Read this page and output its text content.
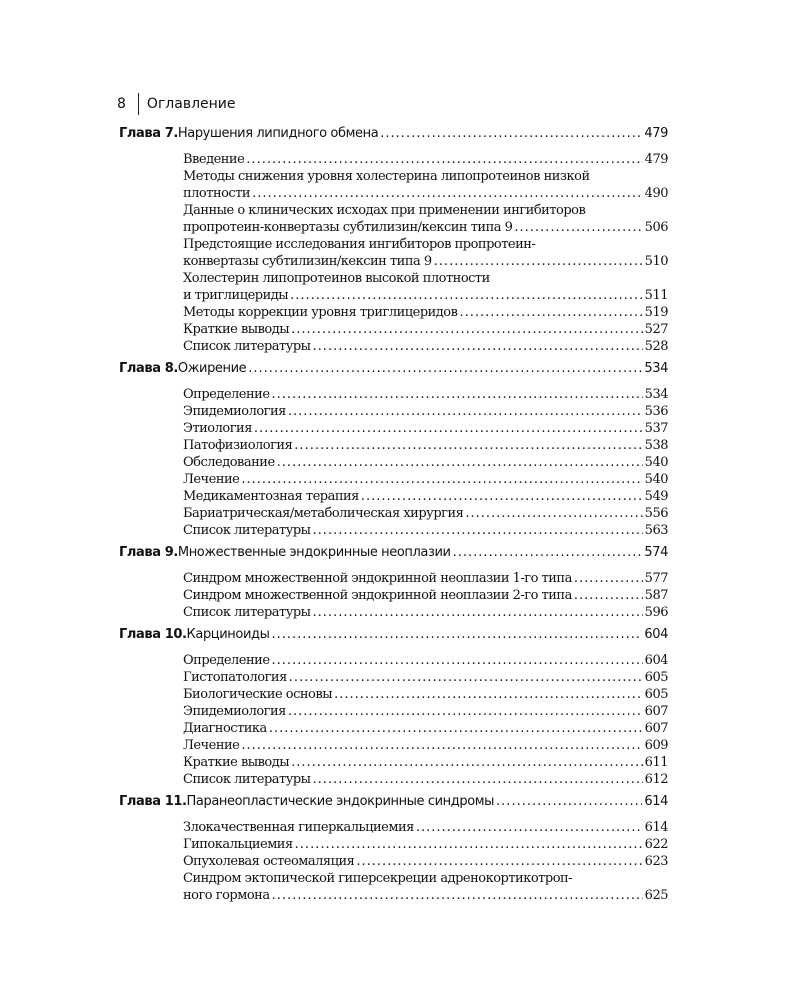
8 Оглавление
Глава 7. Нарушения липидного обмена .....	479
Введение .....	479
Методы снижения уровня холестерина липопротеинов низкой
плотности .....	490
Данные о клинических исходах при применении ингибиторов
пропротеин-конвертазы субтилизин/кексин типа 9 .....	506
Предстоящие исследования ингибиторов пропротеин-
конвертазы субтилизин/кексин типа 9 .....	510
Холестерин липопротеинов высокой плотности
и триглицериды .....	511
Методы коррекции уровня триглицеридов .....	519
Краткие выводы .....	527
Список литературы .....	528
Глава 8. Ожирение .....	534
Определение .....	534
Эпидемиология .....	536
Этиология .....	537
Патофизиология .....	538
Обследование .....	540
Лечение .....	540
Медикаментозная терапия .....	549
Бариатрическая/метаболическая хирургия .....	556
Список литературы .....	563
Глава 9. Множественные эндокринные неоплазии .....	574
Синдром множественной эндокринной неоплазии 1-го типа .....	577
Синдром множественной эндокринной неоплазии 2-го типа .....	587
Список литературы .....	596
Глава 10. Карциноиды .....	604
Определение .....	604
Гистопатология .....	605
Биологические основы .....	605
Эпидемиология .....	607
Диагностика .....	607
Лечение .....	609
Краткие выводы .....	611
Список литературы .....	612
Глава 11. Паранеопластические эндокринные синдромы .....	614
Злокачественная гиперкальциемия .....	614
Гипокальциемия .....	622
Опухолевая остеомаляция .....	623
Синдром эктопической гиперсекреции адренокортикотроп-
ного гормона .....	625
